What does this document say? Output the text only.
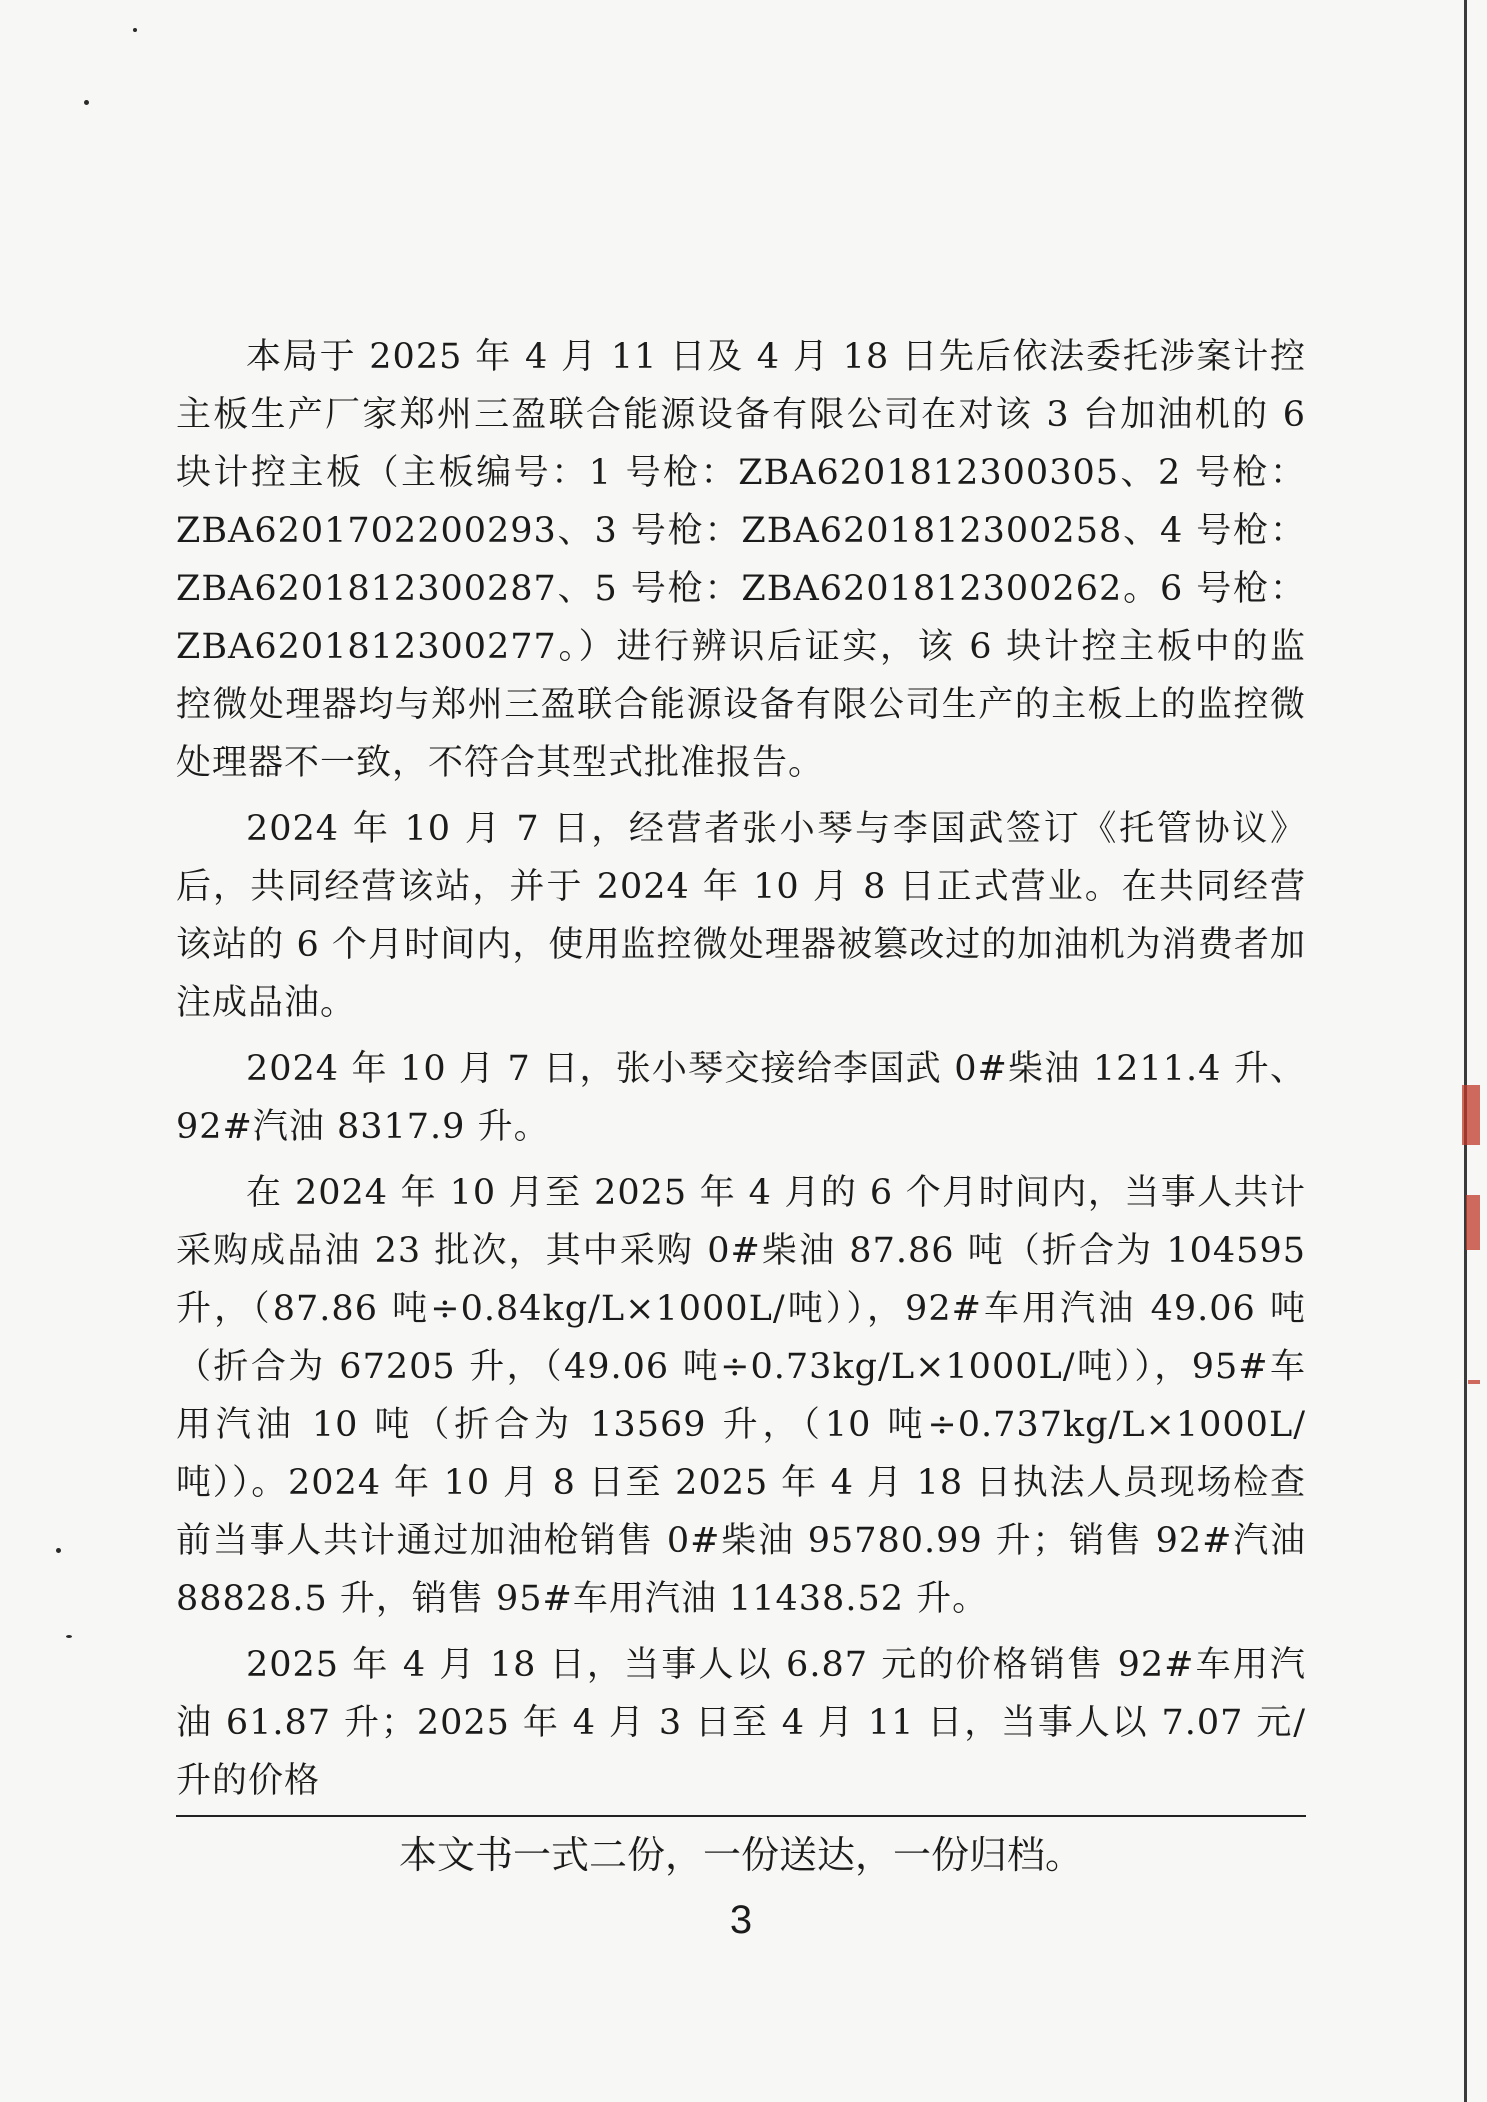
本局于 2025 年 4 月 11 日及 4 月 18 日先后依法委托涉案计控主板生产厂家郑州三盈联合能源设备有限公司在对该 3 台加油机的 6 块计控主板（主板编号：1 号枪：ZBA6201812300305、2 号枪：ZBA6201702200293、3 号枪：ZBA6201812300258、4 号枪：ZBA6201812300287、5 号枪：ZBA6201812300262。6 号枪：ZBA6201812300277。）进行辨识后证实，该 6 块计控主板中的监控微处理器均与郑州三盈联合能源设备有限公司生产的主板上的监控微处理器不一致，不符合其型式批准报告。

2024 年 10 月 7 日，经营者张小琴与李国武签订《托管协议》后，共同经营该站，并于 2024 年 10 月 8 日正式营业。在共同经营该站的 6 个月时间内，使用监控微处理器被篡改过的加油机为消费者加注成品油。

2024 年 10 月 7 日，张小琴交接给李国武 0#柴油 1211.4 升、92#汽油 8317.9 升。

在 2024 年 10 月至 2025 年 4 月的 6 个月时间内，当事人共计采购成品油 23 批次，其中采购 0#柴油 87.86 吨（折合为 104595 升，（87.86 吨÷0.84kg/L×1000L/吨）），92#车用汽油 49.06 吨（折合为 67205 升，（49.06 吨÷0.73kg/L×1000L/吨）），95#车用汽油 10 吨（折合为 13569 升，（10 吨÷0.737kg/L×1000L/吨））。2024 年 10 月 8 日至 2025 年 4 月 18 日执法人员现场检查前当事人共计通过加油枪销售 0#柴油 95780.99 升；销售 92#汽油 88828.5 升，销售 95#车用汽油 11438.52 升。

2025 年 4 月 18 日，当事人以 6.87 元的价格销售 92#车用汽油 61.87 升；2025 年 4 月 3 日至 4 月 11 日，当事人以 7.07 元/升的价格

本文书一式二份，一份送达，一份归档。
3
